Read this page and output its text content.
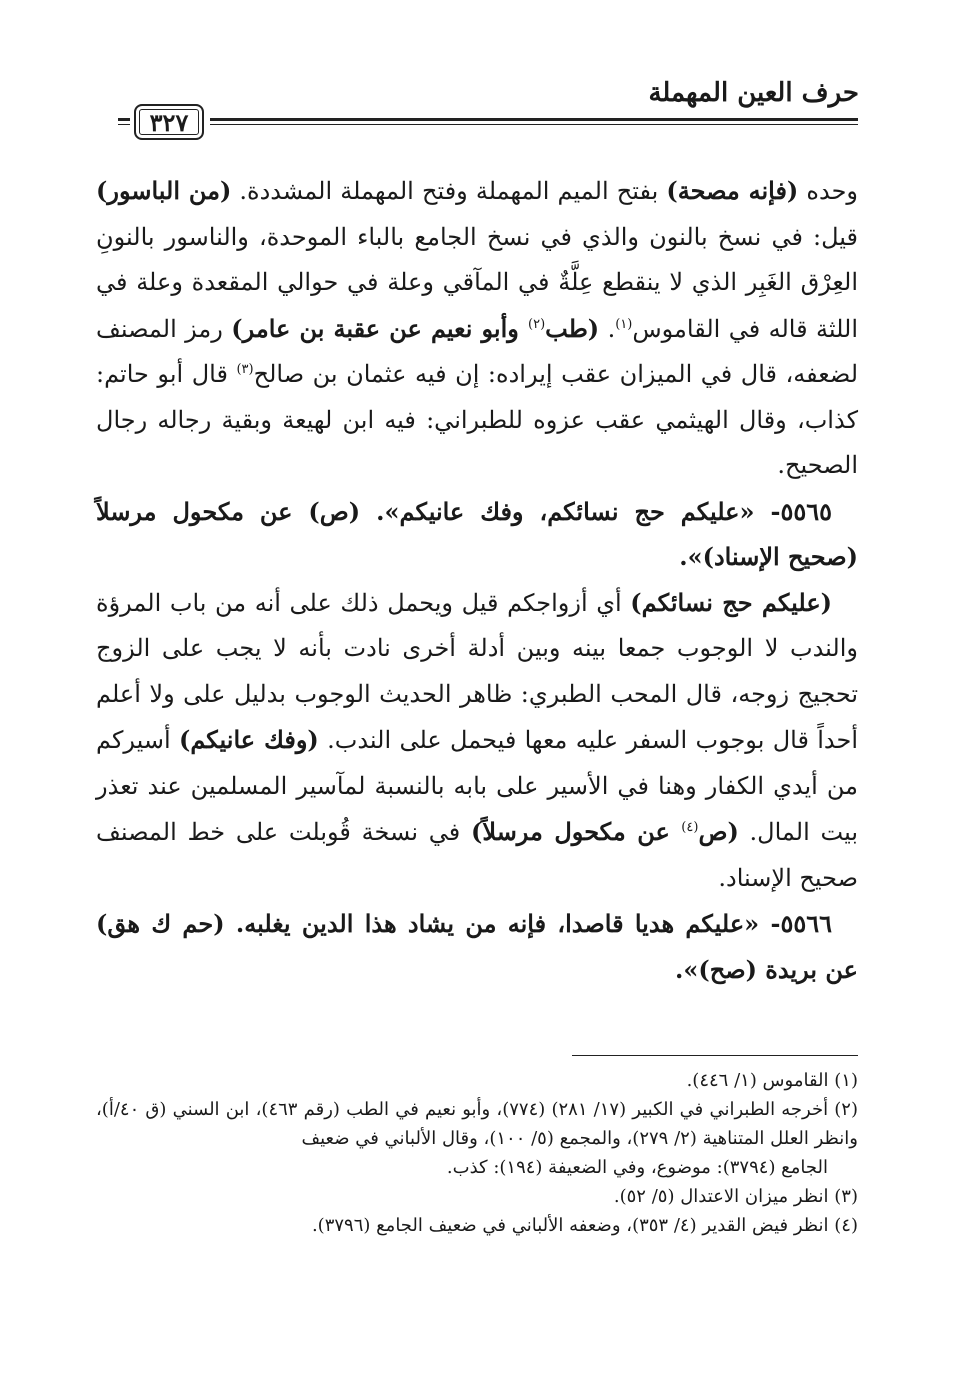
حرف العين المهملة
٣٢٧

وحده (فإنه مصحة) بفتح الميم المهملة وفتح المهملة المشددة. (من الباسور) قيل: في نسخ بالنون والذي في نسخ الجامع بالباء الموحدة، والناسور بالنونِ العِرْق الغَبِر الذي لا ينقطع عِلَّةٌ في المآقي وعلة في حوالي المقعدة وعلة في اللثة قاله في القاموس$^{(١)}$. (طب$^{(٢)}$ وأبو نعيم عن عقبة بن عامر) رمز المصنف لضعفه، قال في الميزان عقب إيراده: إن فيه عثمان بن صالح$^{(٣)}$ قال أبو حاتم: كذاب، وقال الهيثمي عقب عزوه للطبراني: فيه ابن لهيعة وبقية رجاله رجال الصحيح.

٥٥٦٥- «عليكم حج نسائكم، وفك عانيكم». (ص) عن مكحول مرسلاً (صحيح الإسناد)».

(عليكم حج نسائكم) أي أزواجكم قيل ويحمل ذلك على أنه من باب المرؤة والندب لا الوجوب جمعا بينه وبين أدلة أخرى نادت بأنه لا يجب على الزوج تحجيج زوجه، قال المحب الطبري: ظاهر الحديث الوجوب بدليل على ولا أعلم أحداً قال بوجوب السفر عليه معها فيحمل على الندب. (وفك عانيكم) أسيركم من أيدي الكفار وهنا في الأسير على بابه بالنسبة لمآسير المسلمين عند تعذر بيت المال. (ص$^{(٤)}$ عن مكحول مرسلاً) في نسخة قُوبلت على خط المصنف صحيح الإسناد.

٥٥٦٦- «عليكم هديا قاصدا، فإنه من يشاد هذا الدين يغلبه. (حم ك هق) عن بريدة (صح)».

(١) القاموس (١/ ٤٤٦).

(٢) أخرجه الطبراني في الكبير (١٧/ ٢٨١) (٧٧٤)، وأبو نعيم في الطب (رقم ٤٦٣)، ابن السني (ق ٤٠/أ)، وانظر العلل المتناهية (٢/ ٢٧٩)، والمجمع (٥/ ١٠٠)، وقال الألباني في ضعيف

الجامع (٣٧٩٤): موضوع، وفي الضعيفة (١٩٤): كذب.

(٣) انظر ميزان الاعتدال (٥/ ٥٢).

(٤) انظر فيض القدير (٤/ ٣٥٣)، وضعفه الألباني في ضعيف الجامع (٣٧٩٦).
